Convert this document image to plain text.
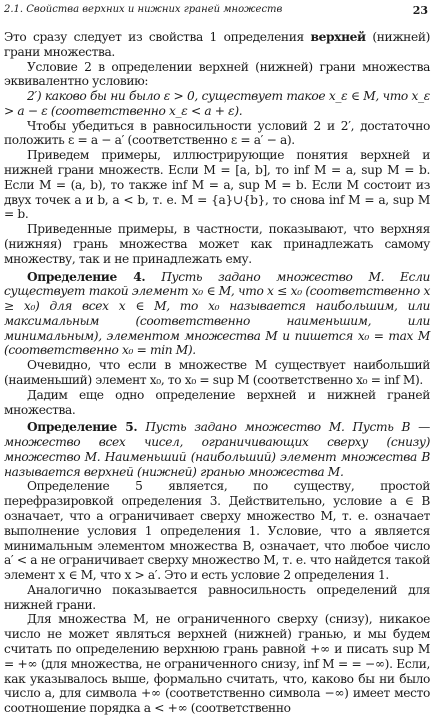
2.1. Свойства верхних и нижних граней множеств	23

Это сразу следует из свойства 1 определения верхней (нижней) грани множества.

Условие 2 в определении верхней (нижней) грани множества эквивалентно условию:
2′) каково бы ни было ε > 0, существует такое x_ε ∈ M, что x_ε > a − ε (соответственно x_ε < a + ε).

Чтобы убедиться в равносильности условий 2 и 2′, достаточно положить ε = a − a′ (соответственно ε = a′ − a).

Приведем примеры, иллюстрирующие понятия верхней и нижней грани множеств. Если M = [a, b], то inf M = a, sup M = b. Если M = (a, b), то также inf M = a, sup M = b. Если M состоит из двух точек a и b, a < b, т. е. M = {a}∪{b}, то снова inf M = a, sup M = b.

Приведенные примеры, в частности, показывают, что верхняя (нижняя) грань множества может как принадлежать самому множеству, так и не принадлежать ему.

Определение 4. Пусть задано множество M. Если существует такой элемент x₀ ∈ M, что x ≤ x₀ (соответственно x ≥ x₀) для всех x ∈ M, то x₀ называется наибольшим, или максимальным (соответственно наименьшим, или минимальным), элементом множества M и пишется x₀ = max M (соответственно x₀ = min M).

Очевидно, что если в множестве M существует наибольший (наименьший) элемент x₀, то x₀ = sup M (соответственно x₀ = inf M).

Дадим еще одно определение верхней и нижней граней множества.

Определение 5. Пусть задано множество M. Пусть B — множество всех чисел, ограничивающих сверху (снизу) множество M. Наименьший (наибольший) элемент множества B называется верхней (нижней) гранью множества M.

Определение 5 является, по существу, простой перефразировкой определения 3. Действительно, условие a ∈ B означает, что a ограничивает сверху множество M, т. е. означает выполнение условия 1 определения 1. Условие, что a является минимальным элементом множества B, означает, что любое число a′ < a не ограничивает сверху множество M, т. е. что найдется такой элемент x ∈ M, что x > a′. Это и есть условие 2 определения 1.

Аналогично показывается равносильность определений для нижней грани.

Для множества M, не ограниченного сверху (снизу), никакое число не может являться верхней (нижней) гранью, и мы будем считать по определению верхнюю грань равной +∞ и писать sup M = +∞ (для множества, не ограниченного снизу, inf M = = −∞). Если, как указывалось выше, формально считать, что, каково бы ни было число a, для символа +∞ (соответственно символа −∞) имеет место соотношение порядка a < +∞ (соответственно
